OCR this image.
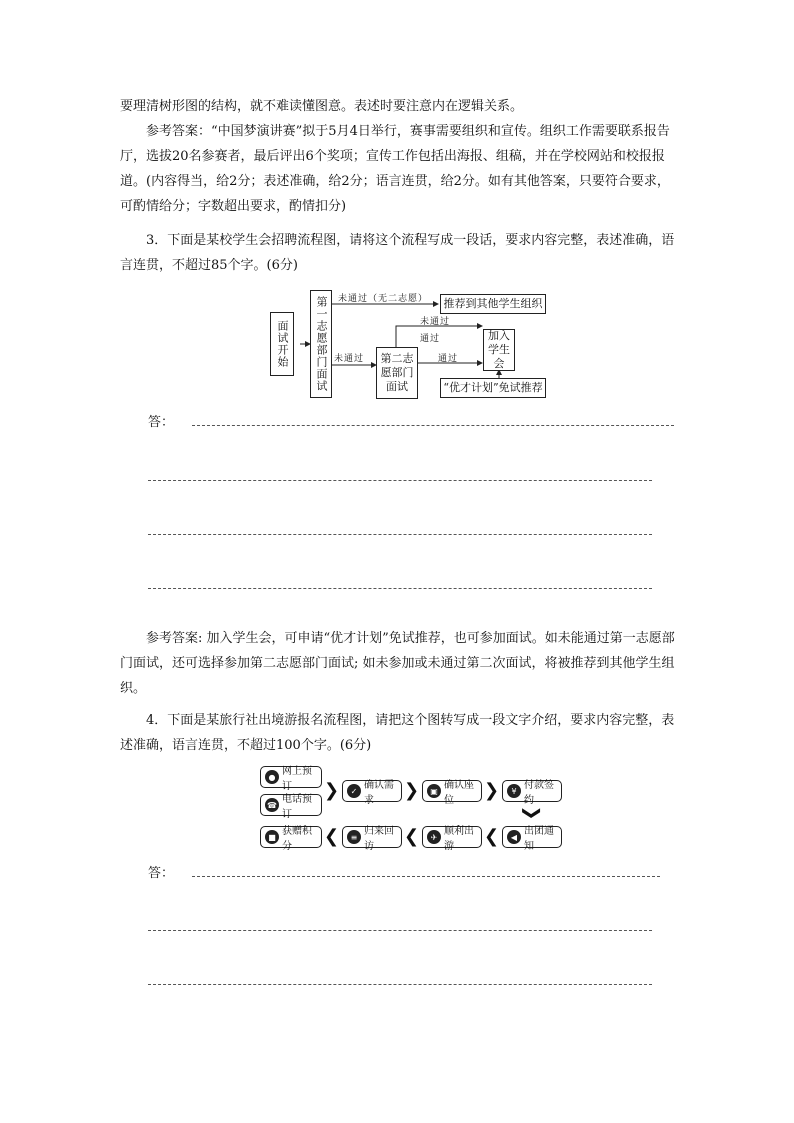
要理清树形图的结构，就不难读懂图意。表述时要注意内在逻辑关系。

参考答案：“中国梦演讲赛”拟于5月4日举行，赛事需要组织和宣传。组织工作需要联系报告厅，选拔20名参赛者，最后评出6个奖项；宣传工作包括出海报、组稿，并在学校网站和校报报道。(内容得当，给2分；表述准确，给2分；语言连贯，给2分。如有其他答案，只要符合要求，可酌情给分；字数超出要求，酌情扣分)

3．下面是某校学生会招聘流程图，请将这个流程写成一段话，要求内容完整，表述准确，语言连贯，不超过85个字。(6分)

面试开始	第一志愿部门面试	推荐到其他学生组织
第二志愿部门面试
加入学生会
“优才计划”免试推荐
未通过（无二志愿）
未通过
未通过
通过
通过
答：

参考答案: 加入学生会，可申请“优才计划”免试推荐，也可参加面试。如未能通过第一志愿部门面试，还可选择参加第二志愿部门面试; 如未参加或未通过第二次面试，将被推荐到其他学生组织。

4．下面是某旅行社出境游报名流程图，请把这个图转写成一段文字介绍，要求内容完整，表述准确，语言连贯，不超过100个字。(6分)

● 网上预订
☎ 电话预订
❯	✓ 确认需求	❯	▣ 确认座位	❯	¥ 付款签约
❯
◀ 出团通知
❮
✈ 顺利出游
❮
≡ 归来回访
❮
■ 获赠积分
答：
